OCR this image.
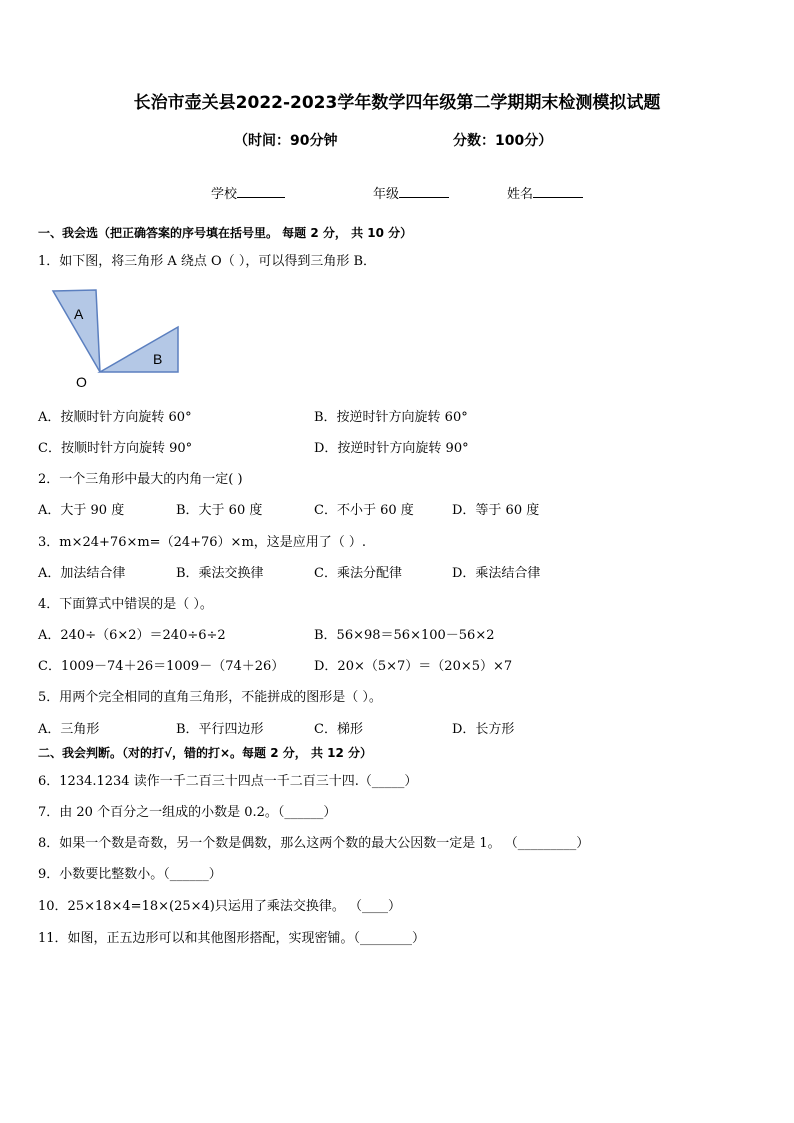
长治市壶关县2022-2023学年数学四年级第二学期期末检测模拟试题
（时间：90分钟	分数：100分）
学校	年级	姓名
一、我会选（把正确答案的序号填在括号里。 每题 2 分， 共 10 分）
1．如下图，将三角形 A 绕点 O（ ），可以得到三角形 B．
A
B
O
A．按顺时针方向旋转 60°	B．按逆时针方向旋转 60°
C．按顺时针方向旋转 90°	D．按逆时针方向旋转 90°
2．一个三角形中最大的内角一定( )
A．大于 90 度	B．大于 60 度	C．不小于 60 度	D．等于 60 度
3．m×24+76×m=（24+76）×m，这是应用了（ ）.
A．加法结合律	B．乘法交换律	C．乘法分配律	D．乘法结合律
4．下面算式中错误的是（ ）。
A．240÷（6×2）＝240÷6÷2	B．56×98＝56×100－56×2
C．1009－74＋26＝1009－（74＋26） D．20×（5×7）＝（20×5）×7
5．用两个完全相同的直角三角形，不能拼成的图形是（ ）。
A．三角形	B．平行四边形	C．梯形	D．长方形
二、我会判断。（对的打√，错的打×。每题 2 分， 共 12 分）
6．1234.1234 读作一千二百三十四点一千二百三十四.（_____）
7．由 20 个百分之一组成的小数是 0.2。（______）
8．如果一个数是奇数，另一个数是偶数，那么这两个数的最大公因数一定是 1。 （_________）
9．小数要比整数小。（______）
10．25×18×4=18×(25×4)只运用了乘法交换律。 （____）
11．如图，正五边形可以和其他图形搭配，实现密铺。（________）
